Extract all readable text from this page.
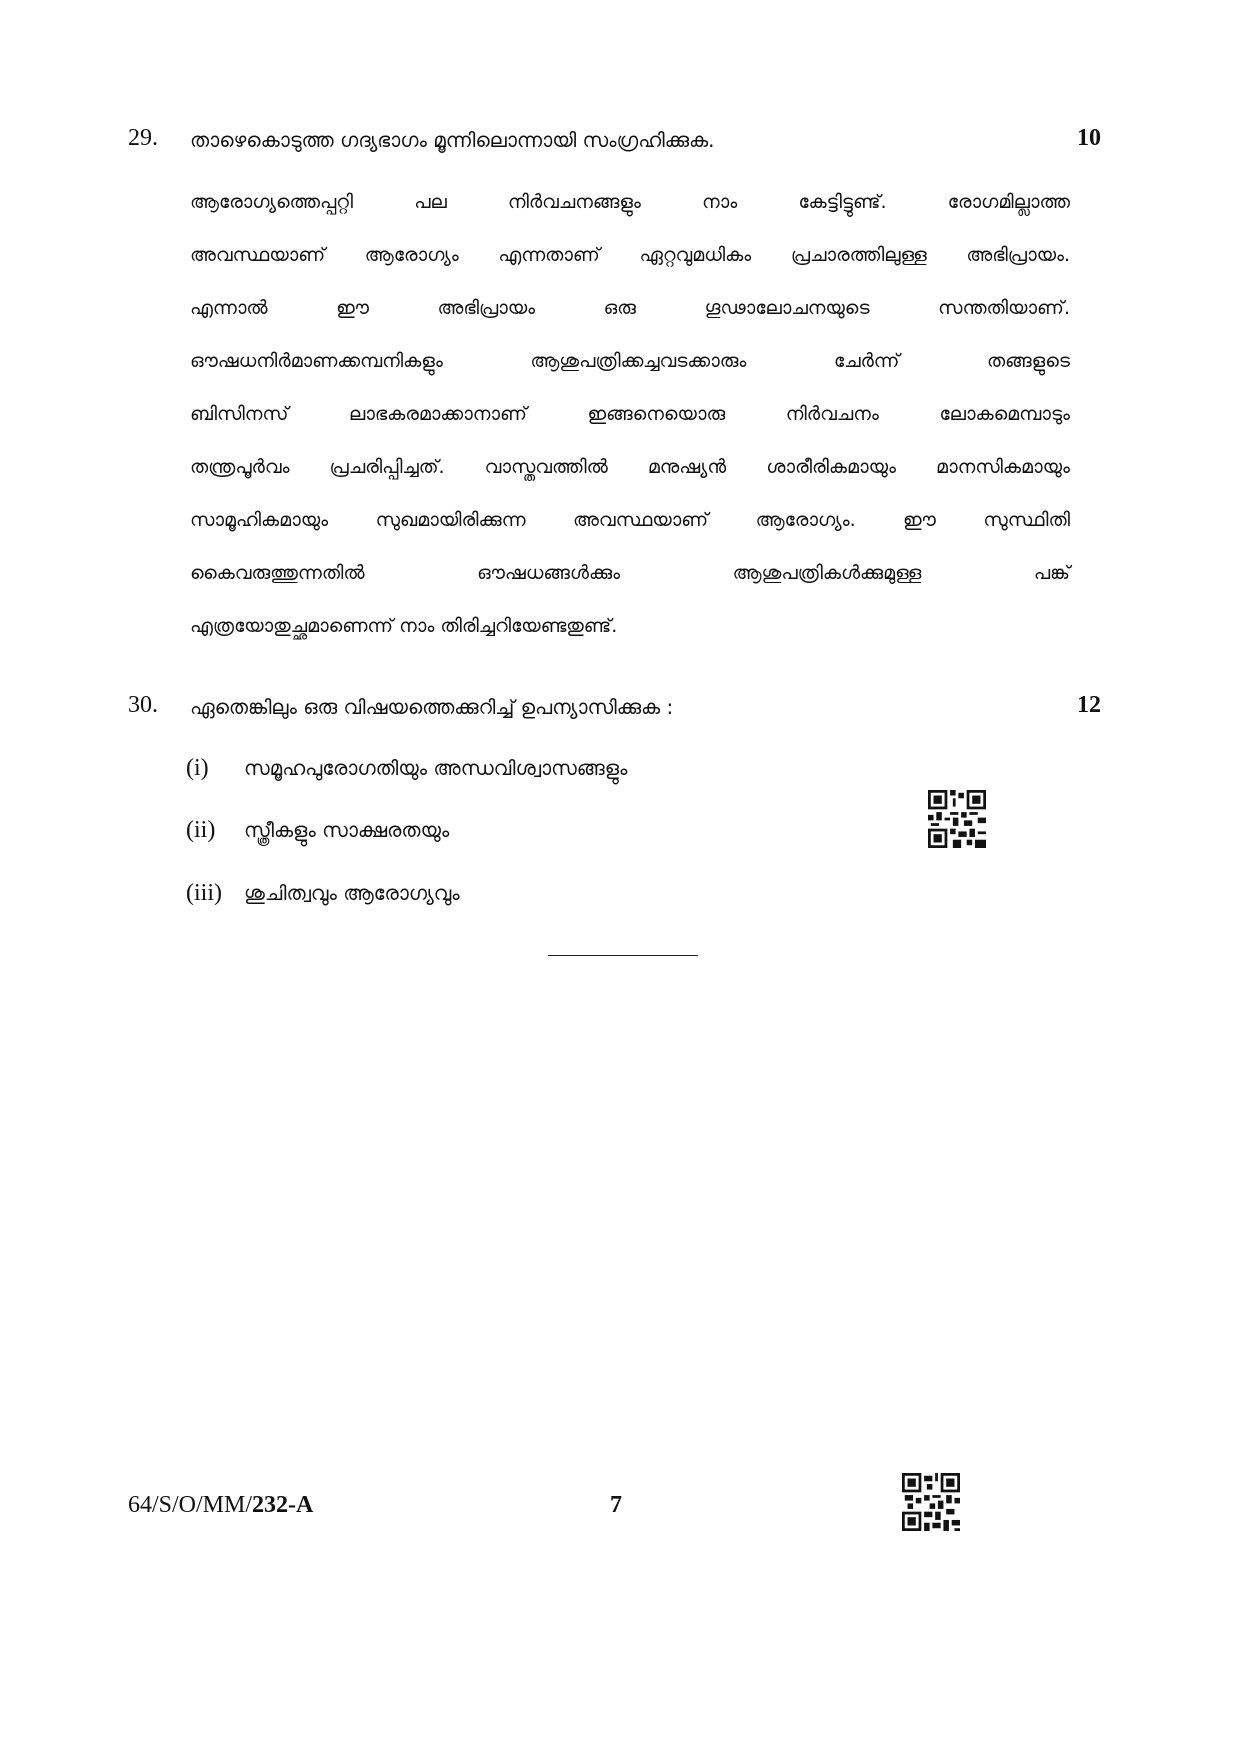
29. താഴെകൊടുത്ത ഗദ്യഭാഗം മൂന്നിലൊന്നായി സംഗ്രഹിക്കുക.	10
ആരോഗ്യത്തെപ്പറ്റി പല നിർവചനങ്ങളും നാം കേട്ടിട്ടുണ്ട്. രോഗമില്ലാത്ത
അവസ്ഥയാണ് ആരോഗ്യം എന്നതാണ് ഏറ്റവുമധികം പ്രചാരത്തിലുള്ള അഭിപ്രായം.
എന്നാൽ ഈ അഭിപ്രായം ഒരു ഗൂഢാലോചനയുടെ സന്തതിയാണ്.
ഔഷധനിർമാണക്കമ്പനികളും ആശുപത്രിക്കച്ചവടക്കാരും ചേർന്ന് തങ്ങളുടെ
ബിസിനസ് ലാഭകരമാക്കാനാണ് ഇങ്ങനെയൊരു നിർവചനം ലോകമെമ്പാടും
തന്ത്രപൂർവം പ്രചരിപ്പിച്ചത്. വാസ്തവത്തിൽ മനുഷ്യൻ ശാരീരികമായും മാനസികമായും
സാമൂഹികമായും സുഖമായിരിക്കുന്ന അവസ്ഥയാണ് ആരോഗ്യം. ഈ സുസ്ഥിതി
കൈവരുത്തുന്നതിൽ ഔഷധങ്ങൾക്കും ആശുപത്രികൾക്കുമുള്ള പങ്ക്
എത്രയോതുച്ഛമാണെന്ന് നാം തിരിച്ചറിയേണ്ടതുണ്ട്.
30. ഏതെങ്കിലും ഒരു വിഷയത്തെക്കുറിച്ച് ഉപന്യാസിക്കുക :	12
(i) സമൂഹപുരോഗതിയും അന്ധവിശ്വാസങ്ങളും
(ii) സ്ത്രീകളും സാക്ഷരതയും
(iii) ശുചിത്വവും ആരോഗ്യവും
64/S/O/MM/232-A	7
